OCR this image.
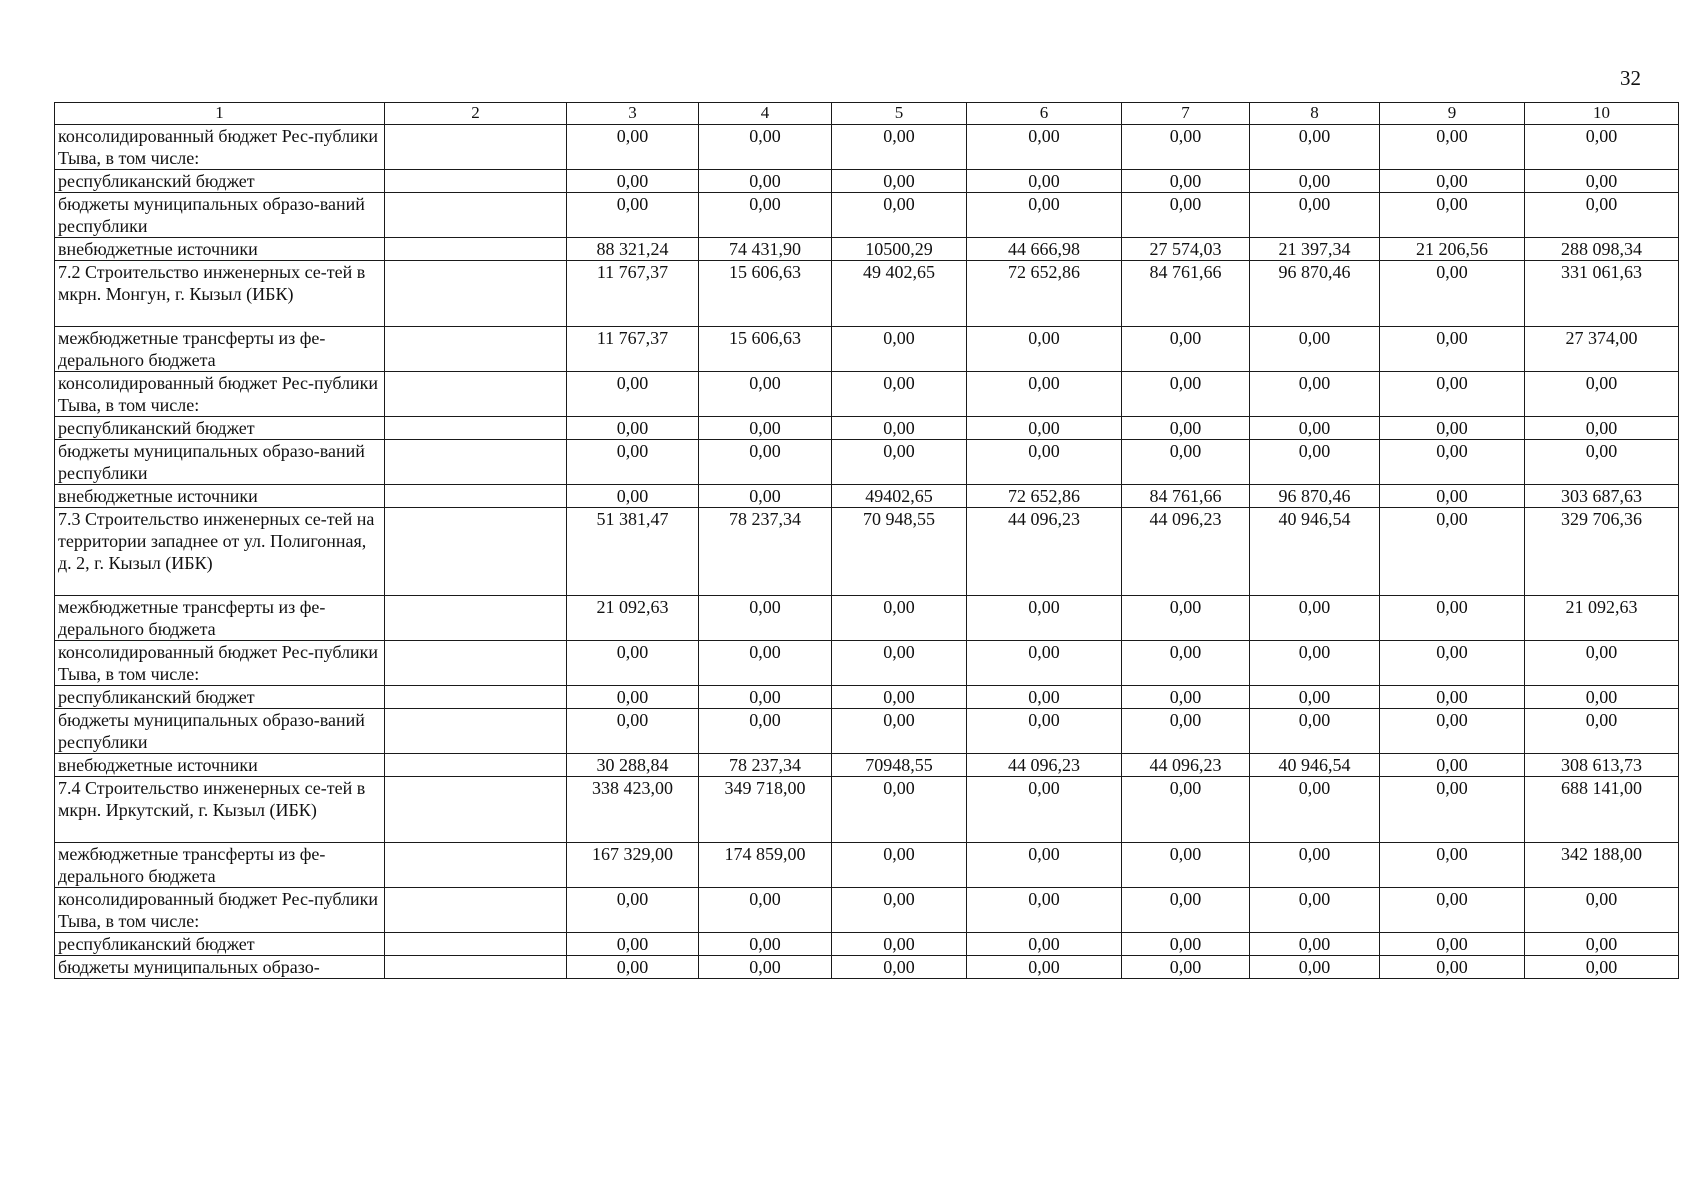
32
1	2	3	4	5	6	7	8	9	10
консолидированный бюджет Рес-публики Тыва, в том числе:		0,00	0,00	0,00	0,00	0,00	0,00	0,00	0,00
республиканский бюджет		0,00	0,00	0,00	0,00	0,00	0,00	0,00	0,00
бюджеты муниципальных образо-ваний республики		0,00	0,00	0,00	0,00	0,00	0,00	0,00	0,00
внебюджетные источники		88 321,24	74 431,90	10500,29	44 666,98	27 574,03	21 397,34	21 206,56	288 098,34
7.2 Строительство инженерных се-тей в мкрн. Монгун, г. Кызыл (ИБК)		11 767,37	15 606,63	49 402,65	72 652,86	84 761,66	96 870,46	0,00	331 061,63
межбюджетные трансферты из фе-дерального бюджета		11 767,37	15 606,63	0,00	0,00	0,00	0,00	0,00	27 374,00
консолидированный бюджет Рес-публики Тыва, в том числе:		0,00	0,00	0,00	0,00	0,00	0,00	0,00	0,00
республиканский бюджет		0,00	0,00	0,00	0,00	0,00	0,00	0,00	0,00
бюджеты муниципальных образо-ваний республики		0,00	0,00	0,00	0,00	0,00	0,00	0,00	0,00
внебюджетные источники		0,00	0,00	49402,65	72 652,86	84 761,66	96 870,46	0,00	303 687,63
7.3 Строительство инженерных се-тей на территории западнее от ул. Полигонная, д. 2, г. Кызыл (ИБК)		51 381,47	78 237,34	70 948,55	44 096,23	44 096,23	40 946,54	0,00	329 706,36
межбюджетные трансферты из фе-дерального бюджета		21 092,63	0,00	0,00	0,00	0,00	0,00	0,00	21 092,63
консолидированный бюджет Рес-публики Тыва, в том числе:		0,00	0,00	0,00	0,00	0,00	0,00	0,00	0,00
республиканский бюджет		0,00	0,00	0,00	0,00	0,00	0,00	0,00	0,00
бюджеты муниципальных образо-ваний республики		0,00	0,00	0,00	0,00	0,00	0,00	0,00	0,00
внебюджетные источники		30 288,84	78 237,34	70948,55	44 096,23	44 096,23	40 946,54	0,00	308 613,73
7.4 Строительство инженерных се-тей в мкрн. Иркутский, г. Кызыл (ИБК)		338 423,00	349 718,00	0,00	0,00	0,00	0,00	0,00	688 141,00
межбюджетные трансферты из фе-дерального бюджета		167 329,00	174 859,00	0,00	0,00	0,00	0,00	0,00	342 188,00
консолидированный бюджет Рес-публики Тыва, в том числе:		0,00	0,00	0,00	0,00	0,00	0,00	0,00	0,00
республиканский бюджет		0,00	0,00	0,00	0,00	0,00	0,00	0,00	0,00
бюджеты муниципальных образо-		0,00	0,00	0,00	0,00	0,00	0,00	0,00	0,00
